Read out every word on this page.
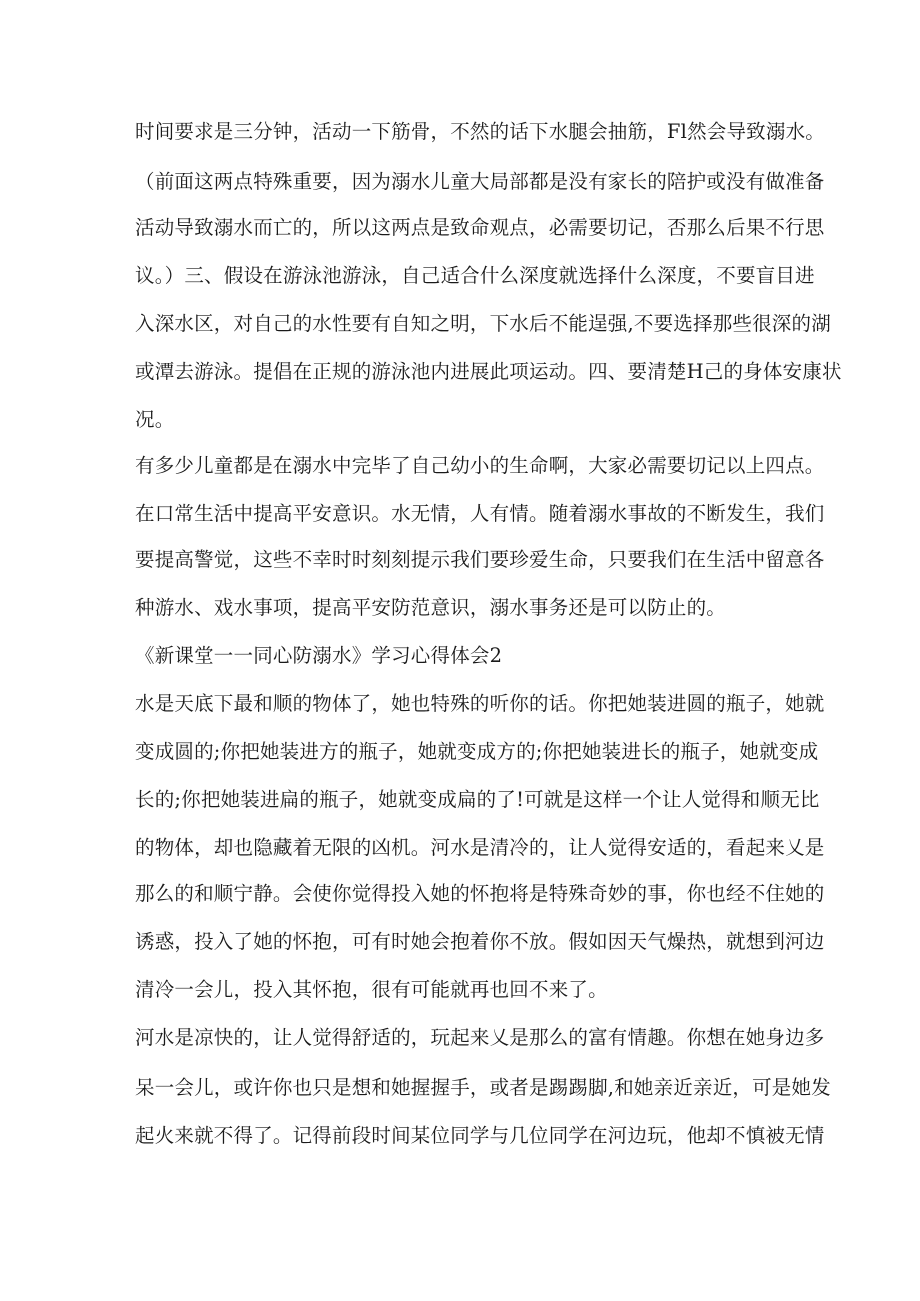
时间要求是三分钟，活动一下筋骨，不然的话下水腿会抽筋，Fl然会导致溺水。
（前面这两点特殊重要，因为溺水儿童大局部都是没有家长的陪护或没有做准备
活动导致溺水而亡的，所以这两点是致命观点，必需要切记，否那么后果不行思
议。）三、假设在游泳池游泳，自己适合什么深度就选择什么深度，不要盲目进
入深水区，对自己的水性要有自知之明，下水后不能逞强,不要选择那些很深的湖
或潭去游泳。提倡在正规的游泳池内进展此项运动。四、要清楚H己的身体安康状
况。
有多少儿童都是在溺水中完毕了自己幼小的生命啊，大家必需要切记以上四点。
在口常生活中提高平安意识。水无情，人有情。随着溺水事故的不断发生，我们
要提高警觉，这些不幸时时刻刻提示我们要珍爱生命，只要我们在生活中留意各
种游水、戏水事项，提高平安防范意识，溺水事务还是可以防止的。
《新课堂一一同心防溺水》学习心得体会2
水是天底下最和顺的物体了，她也特殊的听你的话。你把她装进圆的瓶子，她就
变成圆的;你把她装进方的瓶子，她就变成方的;你把她装进长的瓶子，她就变成
长的;你把她装进扁的瓶子，她就变成扁的了!可就是这样一个让人觉得和顺无比
的物体，却也隐藏着无限的凶机。河水是清冷的，让人觉得安适的，看起来乂是
那么的和顺宁静。会使你觉得投入她的怀抱将是特殊奇妙的事，你也经不住她的
诱惑，投入了她的怀抱，可有时她会抱着你不放。假如因天气燥热，就想到河边
清冷一会儿，投入其怀抱，很有可能就再也回不来了。
河水是凉快的，让人觉得舒适的，玩起来乂是那么的富有情趣。你想在她身边多
呆一会儿，或许你也只是想和她握握手，或者是踢踢脚,和她亲近亲近，可是她发
起火来就不得了。记得前段时间某位同学与几位同学在河边玩，他却不慎被无情
